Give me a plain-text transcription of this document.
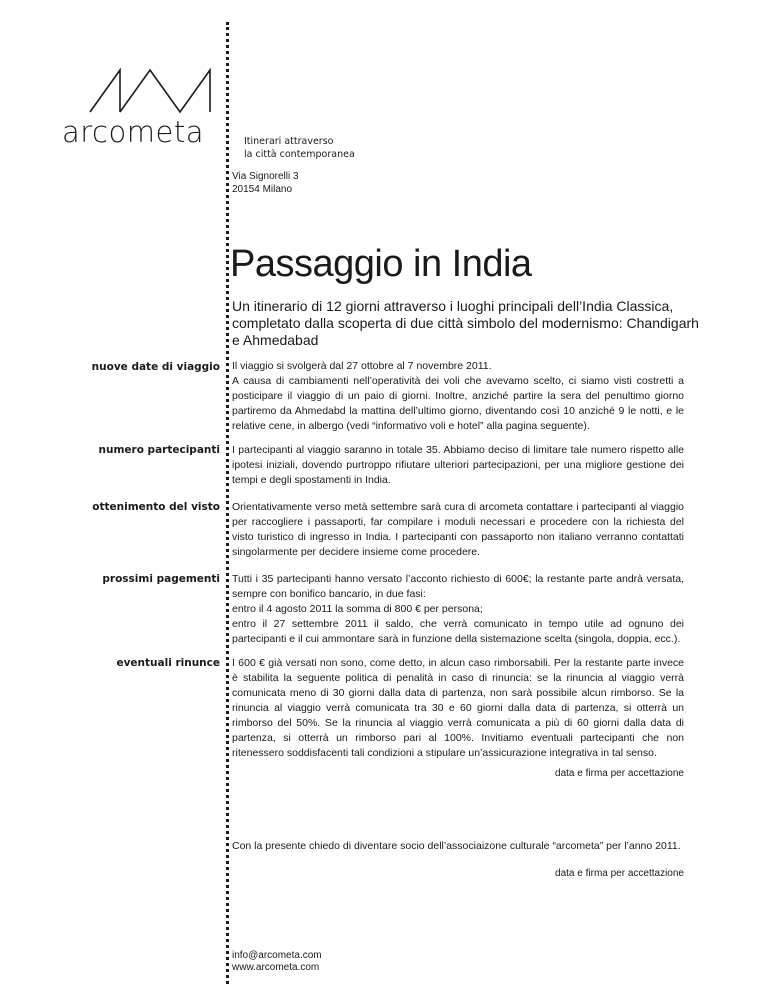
arcometa	Itinerari attraverso
la città contemporanea
Via Signorelli 3
20154 Milano
Passaggio in India
Un itinerario di 12 giorni attraverso i luoghi principali dell’India Classica, completato dalla scoperta di due città simbolo del modernismo: Chandigarh e Ahmedabad
nuove date di viaggio Il viaggio si svolgerà dal 27 ottobre al 7 novembre 2011.
A causa di cambiamenti nell’operatività dei voli che avevamo scelto, ci siamo visti costretti a posticipare il viaggio di un paio di giorni. Inoltre, anziché partire la sera del penultimo giorno partiremo da Ahmedabd la mattina dell’ultimo giorno, diventando così 10 anziché 9 le notti, e le relative cene, in albergo (vedi “informativo voli e hotel” alla pagina seguente).
numero partecipanti I partecipanti al viaggio saranno in totale 35. Abbiamo deciso di limitare tale numero rispetto alle ipotesi iniziali, dovendo purtroppo rifiutare ulteriori partecipazioni, per una migliore gestione dei tempi e degli spostamenti in India.
ottenimento del visto Orientativamente verso metà settembre sarà cura di arcometa contattare i partecipanti al viaggio per raccogliere i passaporti, far compilare i moduli necessari e procedere con la richiesta del visto turistico di ingresso in India. I partecipanti con passaporto non italiano verranno contattati singolarmente per decidere insieme come procedere.
prossimi pagementi Tutti i 35 partecipanti hanno versato l’acconto richiesto di 600€; la restante parte andrà versata, sempre con bonifico bancario, in due fasi:
entro il 4 agosto 2011 la somma di 800 € per persona;
entro il 27 settembre 2011 il saldo, che verrà comunicato in tempo utile ad ognuno dei partecipanti e il cui ammontare sarà in funzione della sistemazione scelta (singola, doppia, ecc.).
eventuali rinunce I 600 € già versati non sono, come detto, in alcun caso rimborsabili. Per la restante parte invece è stabilita la seguente politica di penalità in caso di rinuncia: se la rinuncia al viaggio verrà comunicata meno di 30 giorni dalla data di partenza, non sarà possibile alcun rimborso. Se la rinuncia al viaggio verrà comunicata tra 30 e 60 giorni dalla data di partenza, si otterrà un rimborso del 50%. Se la rinuncia al viaggio verrà comunicata a più di 60 giorni dalla data di partenza, si otterrà un rimborso pari al 100%. Invitiamo eventuali partecipanti che non ritenessero soddisfacenti tali condizioni a stipulare un’assicurazione integrativa in tal senso.
data e firma per accettazione
Con la presente chiedo di diventare socio dell’associaizone culturale “arcometa” per l’anno 2011.
data e firma per accettazione
info@arcometa.com
www.arcometa.com
